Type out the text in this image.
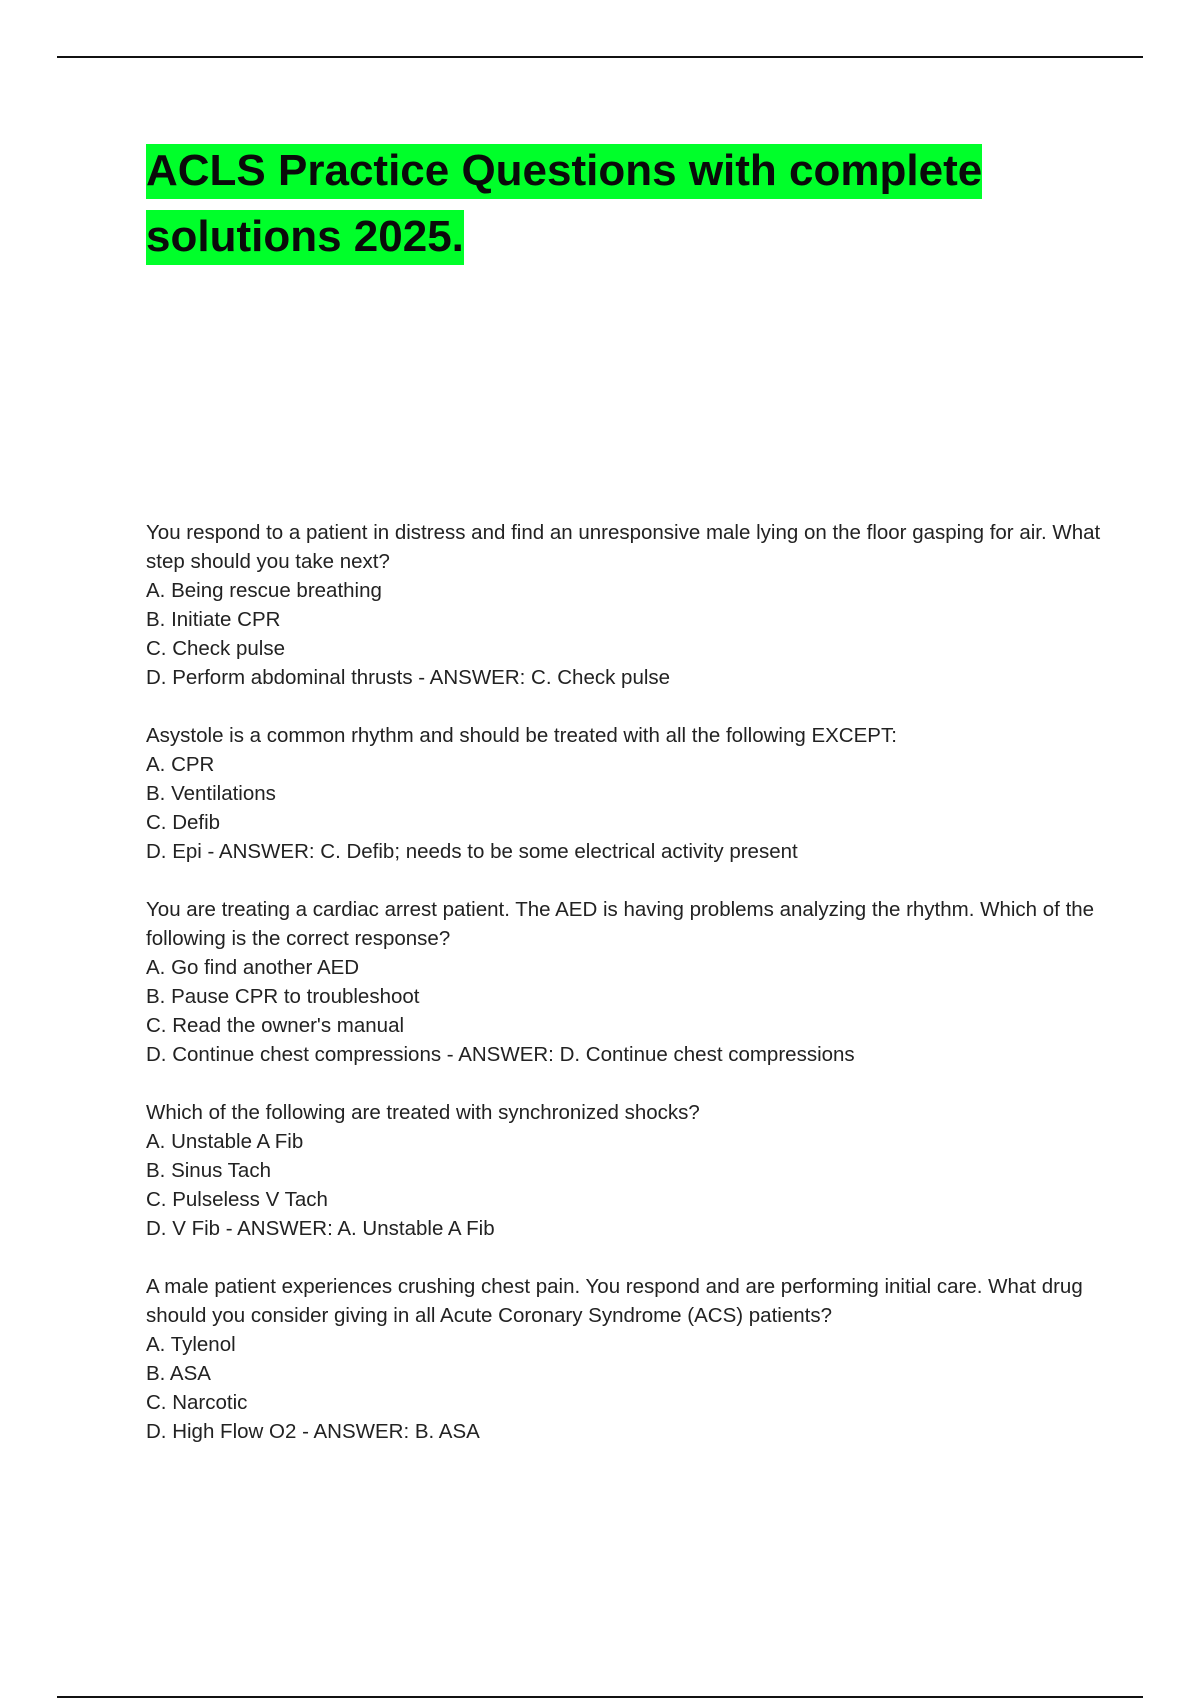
ACLS Practice Questions with complete solutions 2025.
You respond to a patient in distress and find an unresponsive male lying on the floor gasping for air. What step should you take next?
A. Being rescue breathing
B. Initiate CPR
C. Check pulse
D. Perform abdominal thrusts - ANSWER: C. Check pulse
Asystole is a common rhythm and should be treated with all the following EXCEPT:
A. CPR
B. Ventilations
C. Defib
D. Epi - ANSWER: C. Defib; needs to be some electrical activity present
You are treating a cardiac arrest patient. The AED is having problems analyzing the rhythm. Which of the following is the correct response?
A. Go find another AED
B. Pause CPR to troubleshoot
C. Read the owner's manual
D. Continue chest compressions - ANSWER: D. Continue chest compressions
Which of the following are treated with synchronized shocks?
A. Unstable A Fib
B. Sinus Tach
C. Pulseless V Tach
D. V Fib - ANSWER: A. Unstable A Fib
A male patient experiences crushing chest pain. You respond and are performing initial care. What drug should you consider giving in all Acute Coronary Syndrome (ACS) patients?
A. Tylenol
B. ASA
C. Narcotic
D. High Flow O2 - ANSWER: B. ASA
